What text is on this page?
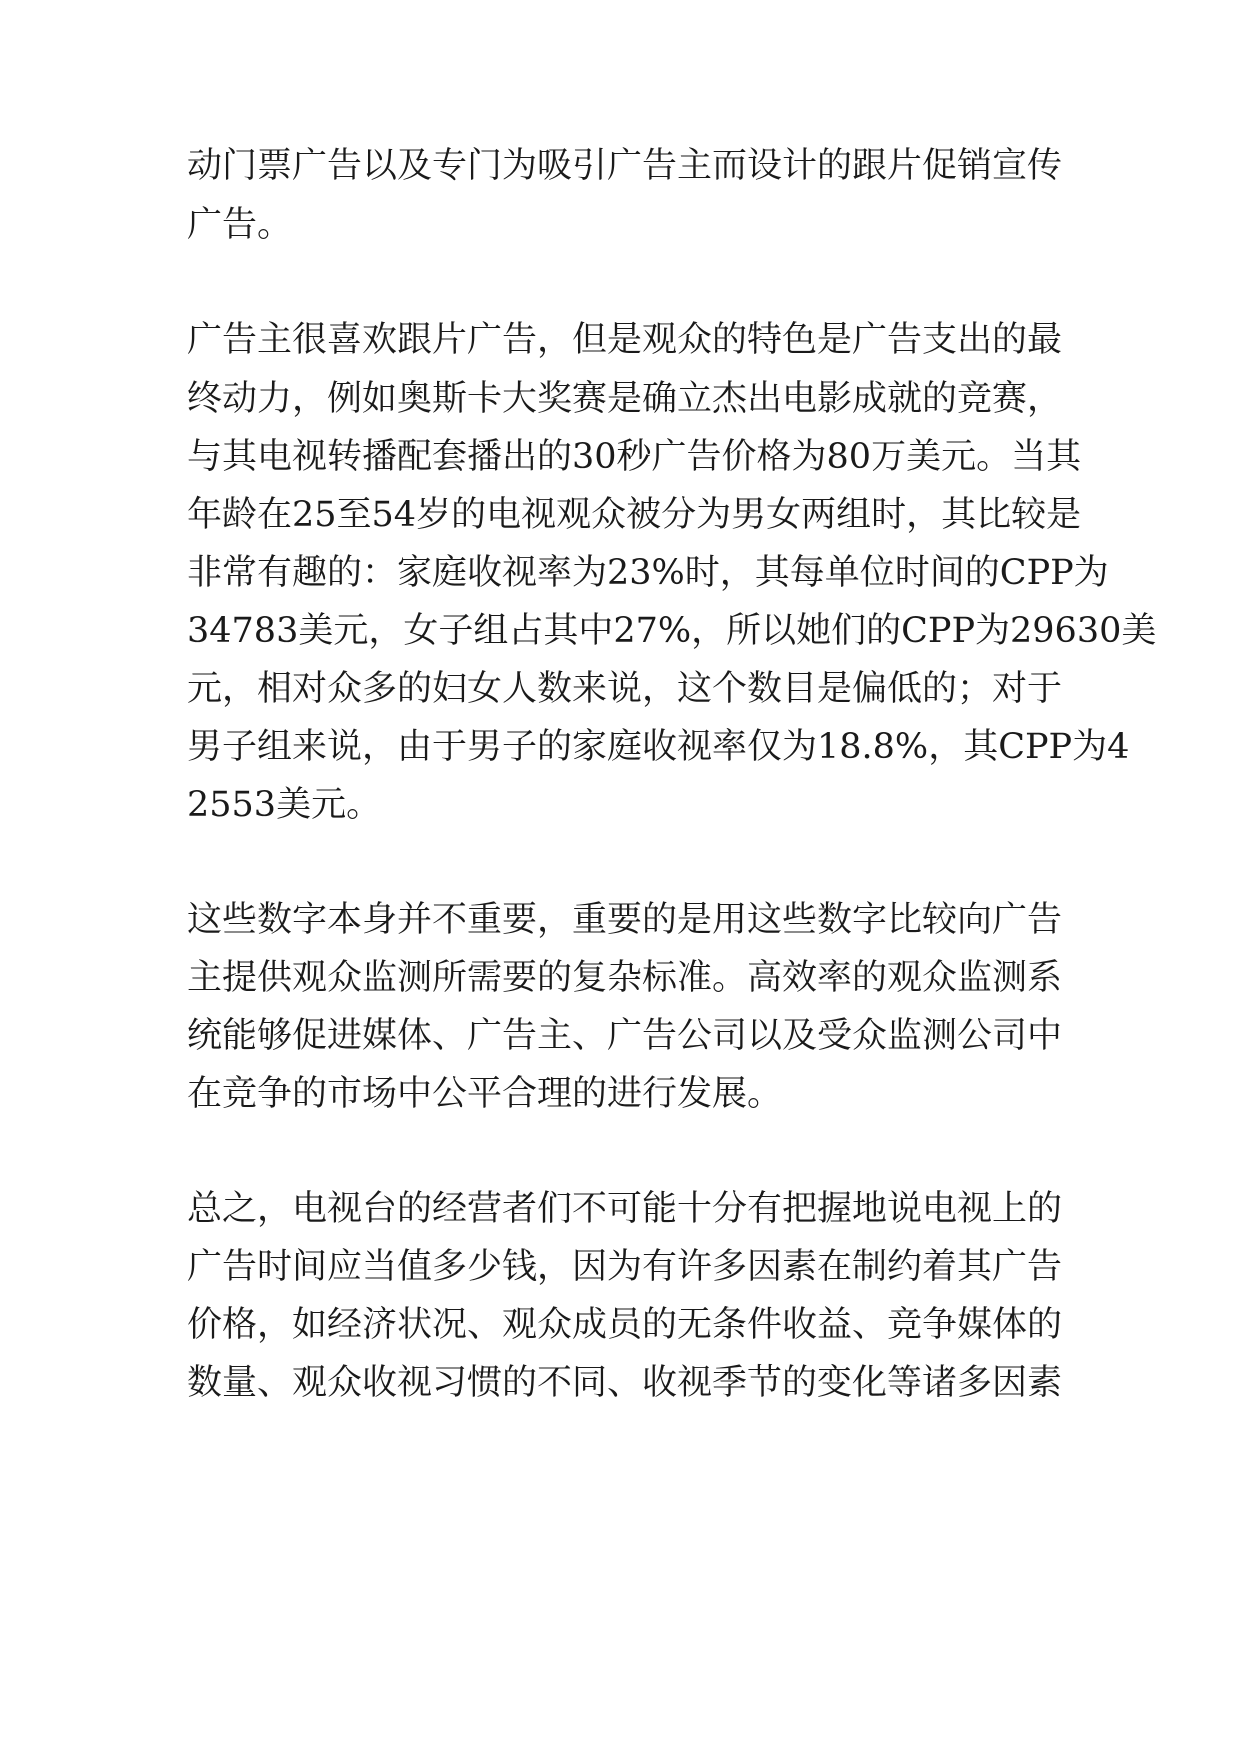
动门票广告以及专门为吸引广告主而设计的跟片促销宣传

广告。

广告主很喜欢跟片广告，但是观众的特色是广告支出的最

终动力，例如奥斯卡大奖赛是确立杰出电影成就的竞赛，

与其电视转播配套播出的30秒广告价格为80万美元。当其

年龄在25至54岁的电视观众被分为男女两组时，其比较是

非常有趣的：家庭收视率为23%时，其每单位时间的CPP为

34783美元，女子组占其中27%，所以她们的CPP为29630美

元，相对众多的妇女人数来说，这个数目是偏低的；对于

男子组来说，由于男子的家庭收视率仅为18.8%，其CPP为4

2553美元。

这些数字本身并不重要，重要的是用这些数字比较向广告

主提供观众监测所需要的复杂标准。高效率的观众监测系

统能够促进媒体、广告主、广告公司以及受众监测公司中

在竞争的市场中公平合理的进行发展。

总之，电视台的经营者们不可能十分有把握地说电视上的

广告时间应当值多少钱，因为有许多因素在制约着其广告

价格，如经济状况、观众成员的无条件收益、竞争媒体的

数量、观众收视习惯的不同、收视季节的变化等诸多因素
